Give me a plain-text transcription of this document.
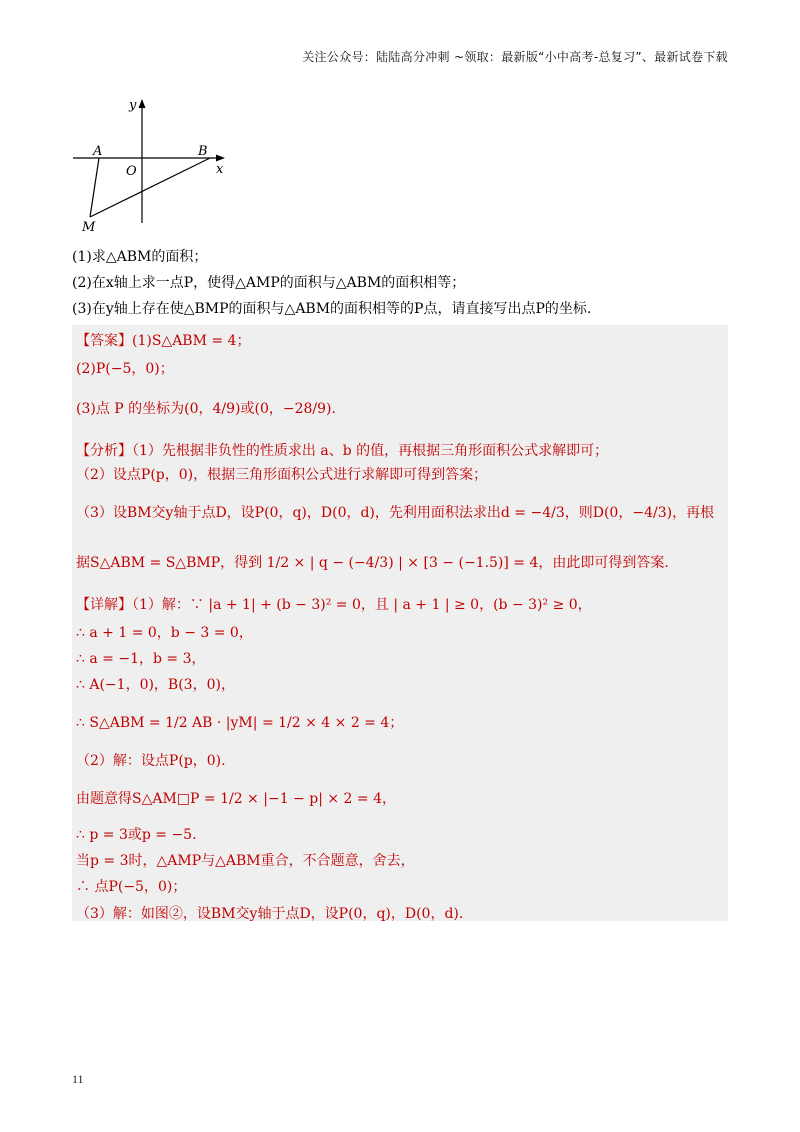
关注公众号：陆陆高分冲刺 ~领取：最新版“小中高考-总复习”、最新试卷下载
y
x
A	B
O
M
(1)求△ABM的面积；
(2)在x轴上求一点P，使得△AMP的面积与△ABM的面积相等；
(3)在y轴上存在使△BMP的面积与△ABM的面积相等的P点，请直接写出点P的坐标.
【答案】(1)S△ABM = 4；
(2)P(−5，0)；
(3)点 P 的坐标为(0，4/9)或(0，−28/9).
【分析】（1）先根据非负性的性质求出 a、b 的值，再根据三角形面积公式求解即可；
（2）设点P(p，0)，根据三角形面积公式进行求解即可得到答案；
（3）设BM交y轴于点D，设P(0，q)，D(0，d)，先利用面积法求出d = −4/3，则D(0，−4/3)，再根
据S△ABM = S△BMP，得到 1/2 × | q − (−4/3) | × [3 − (−1.5)] = 4，由此即可得到答案.
【详解】（1）解：∵ |a + 1| + (b − 3)² = 0，且 | a + 1 | ≥ 0，(b − 3)² ≥ 0，
∴ a + 1 = 0，b − 3 = 0，
∴ a = −1，b = 3，
∴ A(−1，0)，B(3，0)，
∴ S△ABM = 1/2 AB · |yM| = 1/2 × 4 × 2 = 4；
（2）解：设点P(p，0).
由题意得S△AM□P = 1/2 × |−1 − p| × 2 = 4，
∴ p = 3或p = −5.
当p = 3时，△AMP与△ABM重合，不合题意，舍去，
∴ 点P(−5，0)；
（3）解：如图②，设BM交y轴于点D，设P(0，q)，D(0，d).
11
